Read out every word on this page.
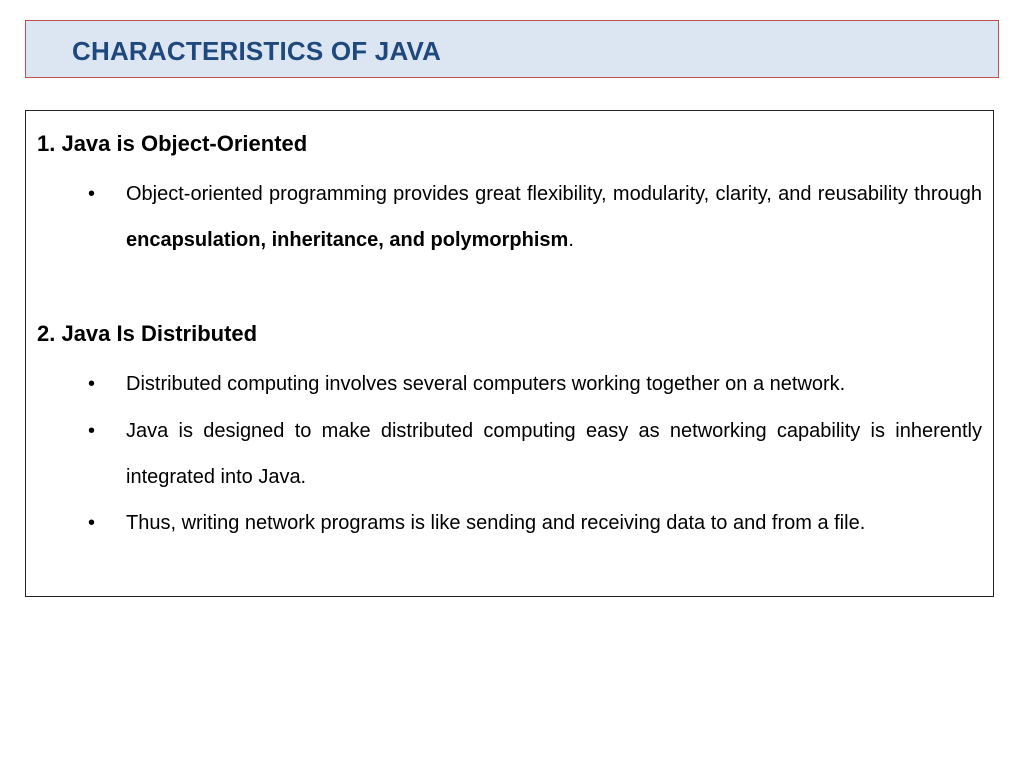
CHARACTERISTICS OF JAVA
1. Java is Object-Oriented
• Object-oriented programming provides great flexibility, modularity, clarity, and reusability through encapsulation, inheritance, and polymorphism.
2. Java Is Distributed
• Distributed computing involves several computers working together on a network.
• Java is designed to make distributed computing easy as networking capability is inherently integrated into Java.
• Thus, writing network programs is like sending and receiving data to and from a file.
